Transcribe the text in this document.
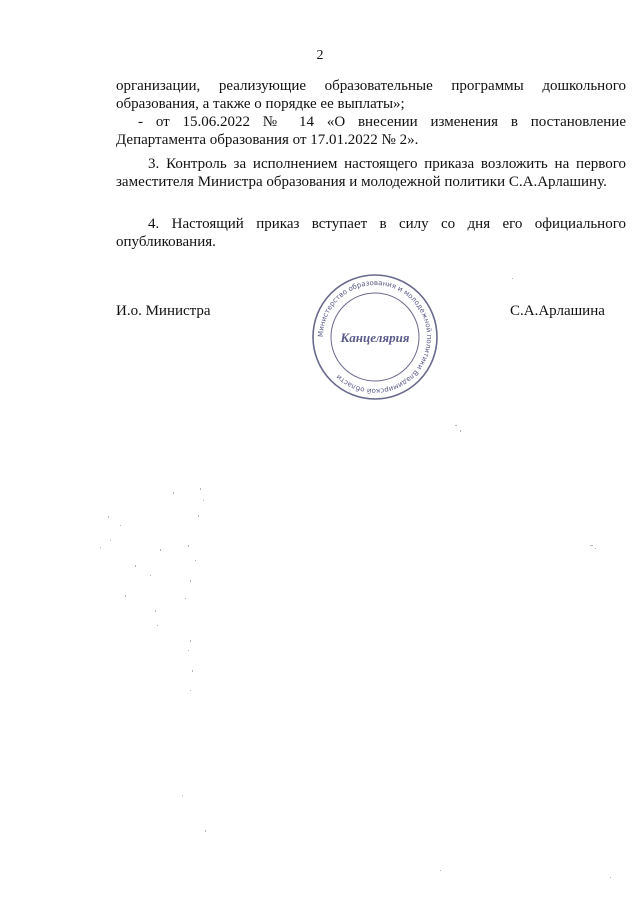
2

организации, реализующие образовательные программы дошкольного образования, а также о порядке ее выплаты»;

- от 15.06.2022 № 14 «О внесении изменения в постановление Департамента образования от 17.01.2022 № 2».

3. Контроль за исполнением настоящего приказа возложить на первого заместителя Министра образования и молодежной политики С.А.Арлашину.

4. Настоящий приказ вступает в силу со дня его официального опубликования.

И.о. Министра	С.А.Арлашина
Министерство образования и молодежной политики Владимирской области
Канцелярия
